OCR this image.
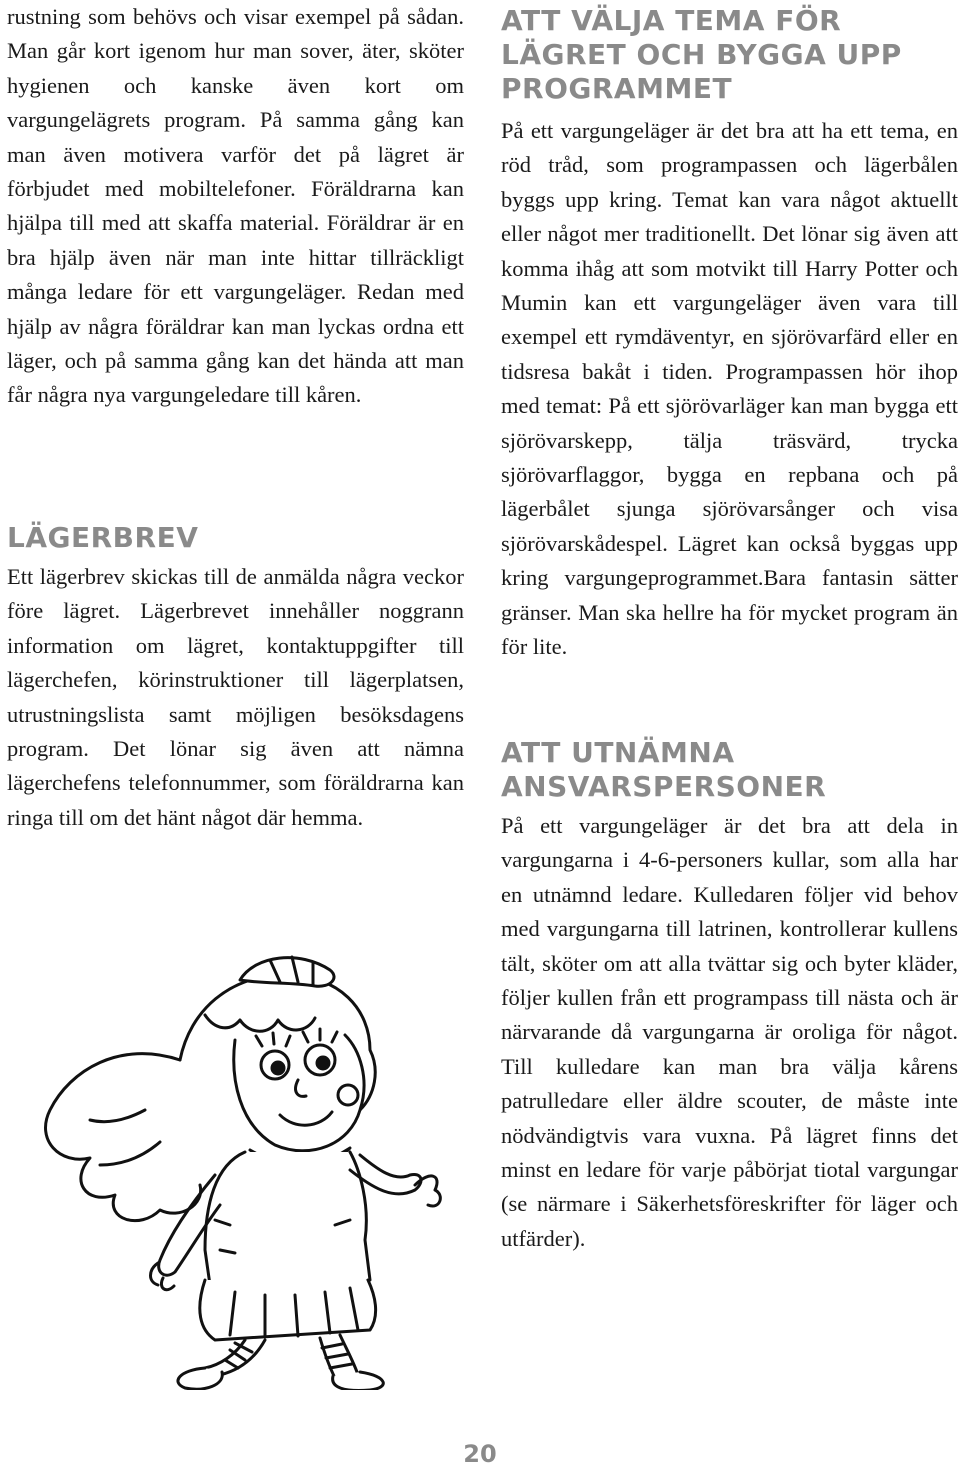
rustning som behövs och visar exempel på sådan. Man går kort igenom hur man sover, äter, sköter hygienen och kanske även kort om vargungelägrets program. På samma gång kan man även motivera varför det på lägret är förbjudet med mobiltelefoner. Föräldrarna kan hjälpa till med att skaffa material. Föräldrar är en bra hjälp även när man inte hittar tillräckligt många ledare för ett vargungeläger. Redan med hjälp av några föräldrar kan man lyckas ordna ett läger, och på samma gång kan det hända att man får några nya vargungeledare till kåren.

LÄGERBREV

Ett lägerbrev skickas till de anmälda några veckor före lägret. Lägerbrevet innehåller noggrann information om lägret, kontaktuppgifter till lägerchefen, körinstruktioner till lägerplatsen, utrustningslista samt möjligen besöksdagens program. Det lönar sig även att nämna lägerchefens telefonnummer, som föräldrarna kan ringa till om det hänt något där hemma.

ATT VÄLJA TEMA FÖR LÄGRET OCH BYGGA UPP PROGRAMMET

På ett vargungeläger är det bra att ha ett tema, en röd tråd, som programpassen och lägerbålen byggs upp kring. Temat kan vara något aktuellt eller något mer traditionellt. Det lönar sig även att komma ihåg att som motvikt till Harry Potter och Mumin kan ett vargungeläger även vara till exempel ett rymdäventyr, en sjörövarfärd eller en tidsresa bakåt i tiden. Programpassen hör ihop med temat: På ett sjörövarläger kan man bygga ett sjörövarskepp, tälja träsvärd, trycka sjörövarflaggor, bygga en repbana och på lägerbålet sjunga sjörövarsånger och visa sjörövarskådespel. Lägret kan också byggas upp kring vargungeprogrammet.Bara fantasin sätter gränser. Man ska hellre ha för mycket program än för lite.

ATT UTNÄMNA ANSVARSPERSONER

På ett vargungeläger är det bra att dela in vargungarna i 4-6-personers kullar, som alla har en utnämnd ledare. Kulledaren följer vid behov med vargungarna till latrinen, kontrollerar kullens tält, sköter om att alla tvättar sig och byter kläder, följer kullen från ett programpass till nästa och är närvarande då vargungarna är oroliga för något. Till kulledare kan man bra välja kårens patrulledare eller äldre scouter, de måste inte nödvändigtvis vara vuxna. På lägret finns det minst en ledare för varje påbörjat tiotal vargungar (se närmare i Säkerhetsföreskrifter för läger och utfärder).

20
